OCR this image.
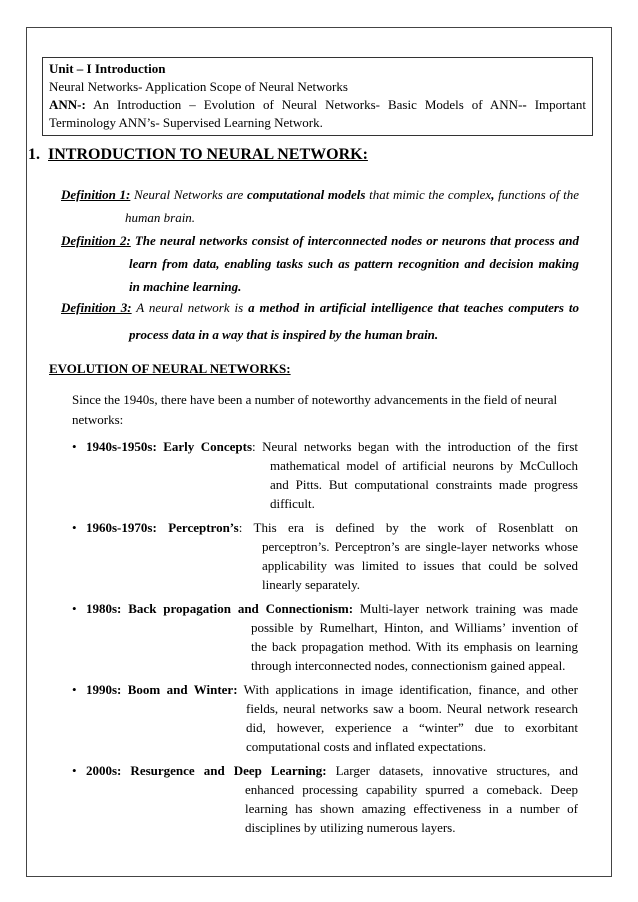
Unit – I Introduction
Neural Networks- Application Scope of Neural Networks
ANN-: An Introduction – Evolution of Neural Networks- Basic Models of ANN-- Important
Terminology ANN’s- Supervised Learning Network.
1. INTRODUCTION TO NEURAL NETWORK:
Definition 1: Neural Networks are computational models that mimic the complex, functions of the
human brain.
Definition 2: The neural networks consist of interconnected nodes or neurons that process and
learn from data, enabling tasks such as pattern recognition and decision making
in machine learning.
Definition 3: A neural network is a method in artificial intelligence that teaches computers to
process data in a way that is inspired by the human brain.
EVOLUTION OF NEURAL NETWORKS:
Since the 1940s, there have been a number of noteworthy advancements in the field of neural
networks:
• 1940s-1950s: Early Concepts: Neural networks began with the introduction of the first
mathematical model of artificial neurons by McCulloch
and Pitts. But computational constraints made progress
difficult.
• 1960s-1970s: Perceptron’s: This era is defined by the work of Rosenblatt on
perceptron’s. Perceptron’s are single-layer networks whose
applicability was limited to issues that could be solved
linearly separately.
• 1980s: Back propagation and Connectionism: Multi-layer network training was made
possible by Rumelhart, Hinton, and Williams’ invention of
the back propagation method. With its emphasis on learning
through interconnected nodes, connectionism gained appeal.
• 1990s: Boom and Winter: With applications in image identification, finance, and other
fields, neural networks saw a boom. Neural network research
did, however, experience a “winter” due to exorbitant
computational costs and inflated expectations.
• 2000s: Resurgence and Deep Learning: Larger datasets, innovative structures, and
enhanced processing capability spurred a comeback. Deep
learning has shown amazing effectiveness in a number of
disciplines by utilizing numerous layers.
